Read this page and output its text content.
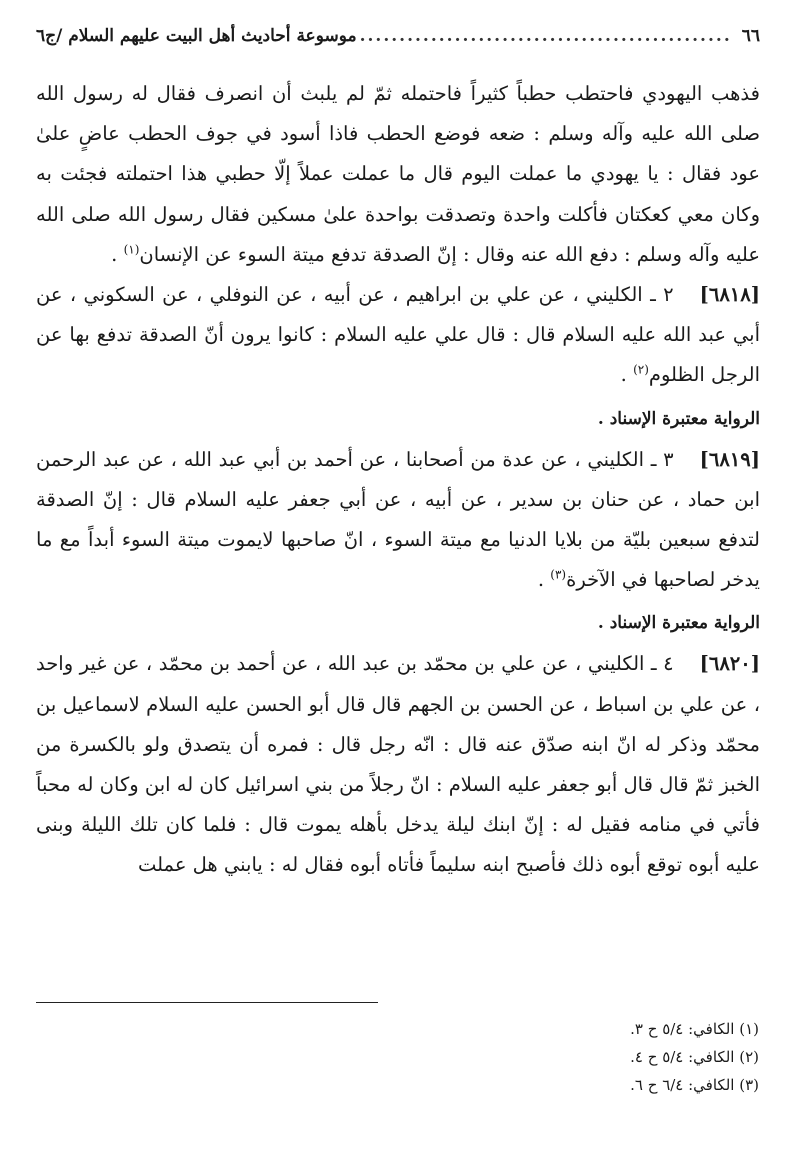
٦٦
.....
موسوعة أحاديث أهل البيت عليهم السلام /ج٦

فذهب اليهودي فاحتطب حطباً كثيراً فاحتمله ثمّ لم يلبث أن انصرف فقال له رسول الله صلى الله عليه وآله وسلم : ضعه فوضع الحطب فاذا أسود في جوف الحطب عاضٍ علىٰ عود فقال : يا يهودي ما عملت اليوم قال ما عملت عملاً إلّا حطبي هذا احتملته فجئت به وكان معي كعكتان فأكلت واحدة وتصدقت بواحدة علىٰ مسكين فقال رسول الله صلى الله عليه وآله وسلم : دفع الله عنه وقال : إنّ الصدقة تدفع ميتة السوء عن الإنسان$^{(١)}$ .

[٦٨١٨]٢ ـ الكليني ، عن علي بن ابراهيم ، عن أبيه ، عن النوفلي ، عن السكوني ، عن أبي عبد الله عليه السلام قال : قال علي عليه السلام : كانوا يرون أنّ الصدقة تدفع بها عن الرجل الظلوم$^{(٢)}$ .

الرواية معتبرة الإسناد .

[٦٨١٩]٣ ـ الكليني ، عن عدة من أصحابنا ، عن أحمد بن أبي عبد الله ، عن عبد الرحمن ابن حماد ، عن حنان بن سدير ، عن أبيه ، عن أبي جعفر عليه السلام قال : إنّ الصدقة لتدفع سبعين بليّة من بلايا الدنيا مع ميتة السوء ، انّ صاحبها لايموت ميتة السوء أبداً مع ما يدخر لصاحبها في الآخرة$^{(٣)}$ .

الرواية معتبرة الإسناد .

[٦٨٢٠]٤ ـ الكليني ، عن علي بن محمّد بن عبد الله ، عن أحمد بن محمّد ، عن غير واحد ، عن علي بن اسباط ، عن الحسن بن الجهم قال قال أبو الحسن عليه السلام لاسماعيل بن محمّد وذكر له انّ ابنه صدّق عنه قال : انّه رجل قال : فمره أن يتصدق ولو بالكسرة من الخبز ثمّ قال قال أبو جعفر عليه السلام : انّ رجلاً من بني اسرائيل كان له ابن وكان له محباً فأتي في منامه فقيل له : إنّ ابنك ليلة يدخل بأهله يموت قال : فلما كان تلك الليلة وبنى عليه أبوه توقع أبوه ذلك فأصبح ابنه سليماً فأتاه أبوه فقال له : يابني هل عملت

(١) الكافي: ٥/٤ ح ٣.
(٢) الكافي: ٥/٤ ح ٤.
(٣) الكافي: ٦/٤ ح ٦.
